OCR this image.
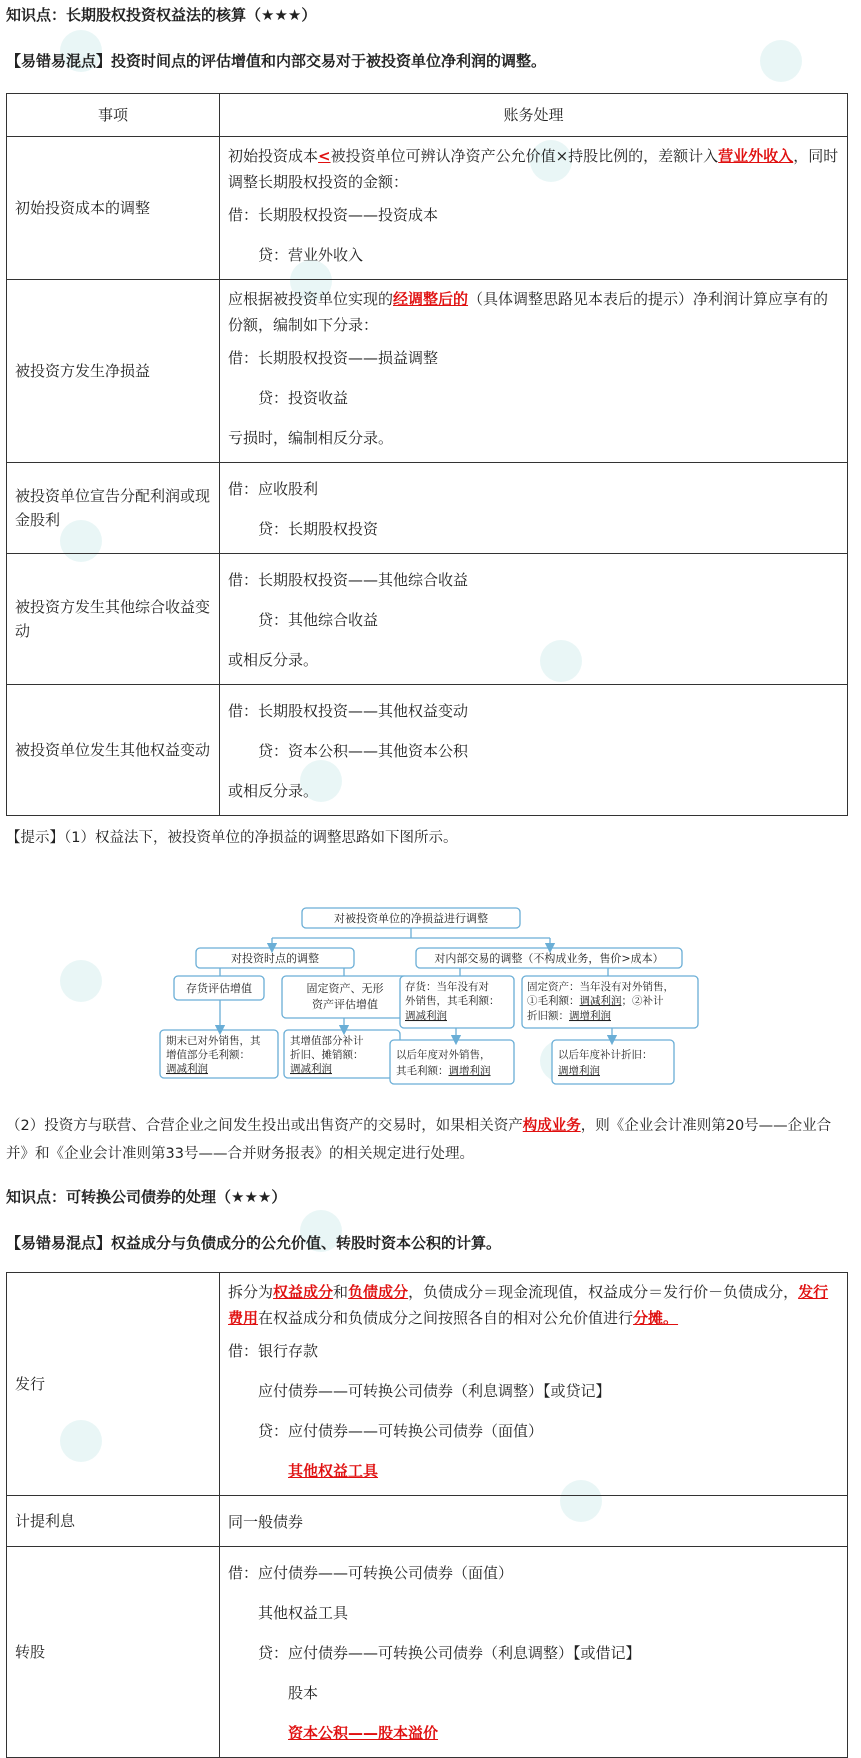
知识点：长期股权投资权益法的核算（★★★）
【易错易混点】投资时间点的评估增值和内部交易对于被投资单位净利润的调整。
事项	账务处理
初始投资成本的调整	初始投资成本<被投资单位可辨认净资产公允价值×持股比例的，差额计入营业外收入，同时调整长期股权投资的金额：
借：长期股权投资——投资成本
贷：营业外收入

被投资方发生净损益	应根据被投资单位实现的经调整后的（具体调整思路见本表后的提示）净利润计算应享有的份额，编制如下分录：
借：长期股权投资——损益调整
贷：投资收益
亏损时，编制相反分录。

被投资单位宣告分配利润或现金股利	借：应收股利
贷：长期股权投资

被投资方发生其他综合收益变动	借：长期股权投资——其他综合收益
贷：其他综合收益
或相反分录。

被投资单位发生其他权益变动	借：长期股权投资——其他权益变动
贷：资本公积——其他资本公积
或相反分录。
【提示】（1）权益法下，被投资单位的净损益的调整思路如下图所示。
对被投资单位的净损益进行调整
对投资时点的调整	对内部交易的调整（不构成业务，售价>成本）
存货评估增值	固定资产、无形
资产评估增值
期末已对外销售，其
增值部分毛利额：
调减利润
其增值部分补计
折旧、摊销额：
调减利润
存货：当年没有对
外销售，其毛利额：
调减利润
固定资产：当年没有对外销售，
①毛利额：调减利润；②补计
折旧额：调增利润
以后年度对外销售，
其毛利额：调增利润
以后年度补计折旧：
调增利润
（2）投资方与联营、合营企业之间发生投出或出售资产的交易时，如果相关资产构成业务，则《企业会计准则第20号——企业合并》和《企业会计准则第33号——合并财务报表》的相关规定进行处理。
知识点：可转换公司债券的处理（★★★）
【易错易混点】权益成分与负债成分的公允价值、转股时资本公积的计算。
发行	拆分为权益成分和负债成分，负债成分＝现金流现值，权益成分＝发行价－负债成分，发行费用在权益成分和负债成分之间按照各自的相对公允价值进行分摊。
借：银行存款
应付债券——可转换公司债券（利息调整）【或贷记】
贷：应付债券——可转换公司债券（面值）
其他权益工具

计提利息	同一般债券

转股	借：应付债券——可转换公司债券（面值）
其他权益工具
贷：应付债券——可转换公司债券（利息调整）【或借记】
股本
资本公积——股本溢价
